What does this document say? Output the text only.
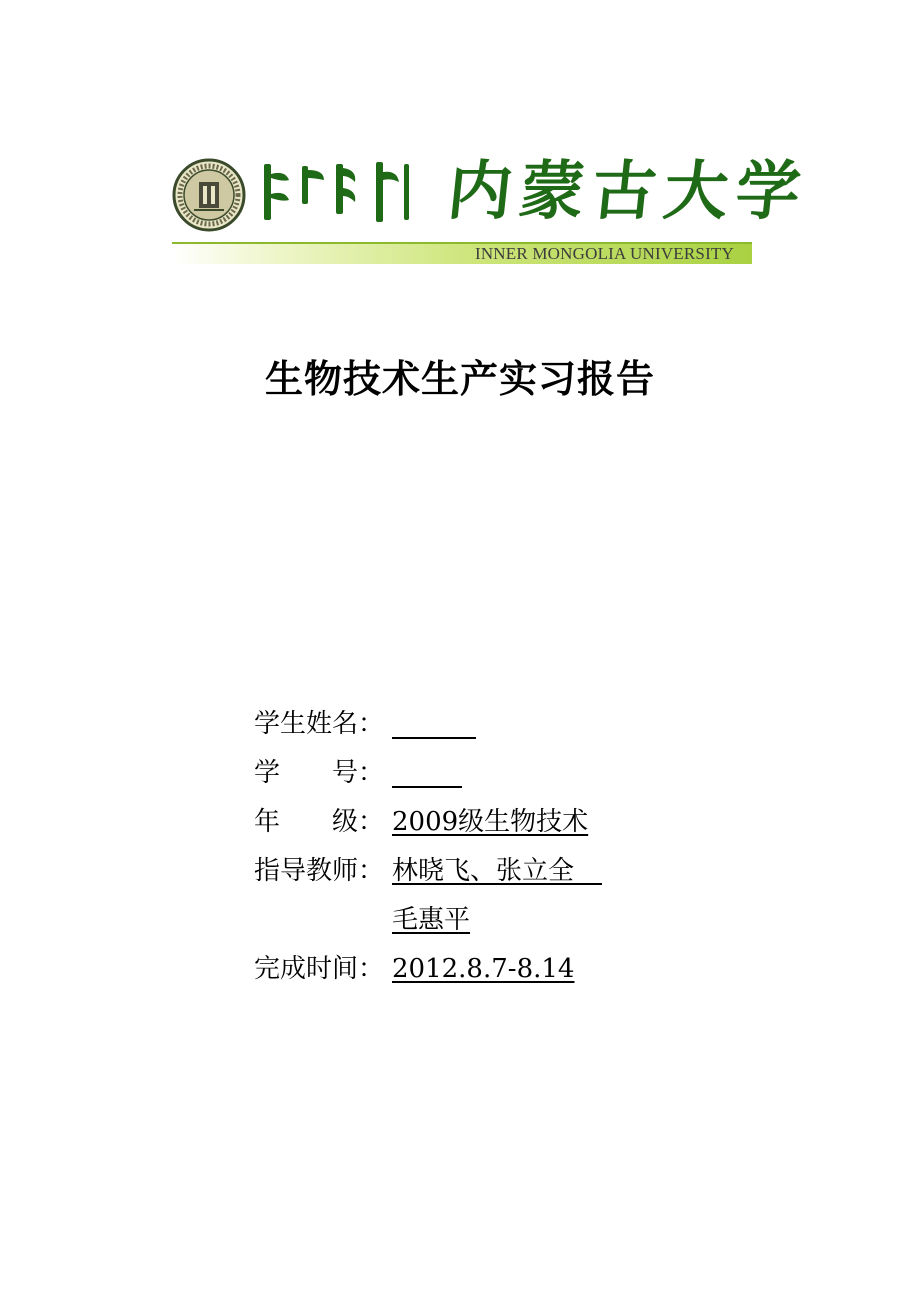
内蒙古大学
INNER MONGOLIA UNIVERSITY
生物技术生产实习报告
学生姓名：
学　　号：
年　　级： 2009级生物技术
指导教师： 林晓飞、张立全
毛惠平
完成时间： 2012.8.7-8.14
